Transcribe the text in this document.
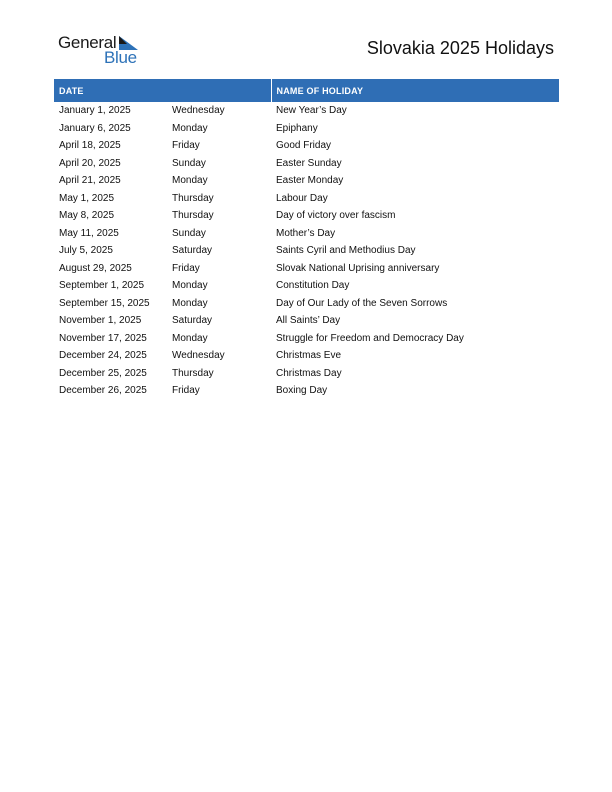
General
Blue	Slovakia 2025 Holidays
DATE		NAME OF HOLIDAY
January 1, 2025	Wednesday	New Year’s Day
January 6, 2025	Monday	Epiphany
April 18, 2025	Friday	Good Friday
April 20, 2025	Sunday	Easter Sunday
April 21, 2025	Monday	Easter Monday
May 1, 2025	Thursday	Labour Day
May 8, 2025	Thursday	Day of victory over fascism
May 11, 2025	Sunday	Mother’s Day
July 5, 2025	Saturday	Saints Cyril and Methodius Day
August 29, 2025	Friday	Slovak National Uprising anniversary
September 1, 2025	Monday	Constitution Day
September 15, 2025	Monday	Day of Our Lady of the Seven Sorrows
November 1, 2025	Saturday	All Saints’ Day
November 17, 2025	Monday	Struggle for Freedom and Democracy Day
December 24, 2025	Wednesday	Christmas Eve
December 25, 2025	Thursday	Christmas Day
December 26, 2025	Friday	Boxing Day
